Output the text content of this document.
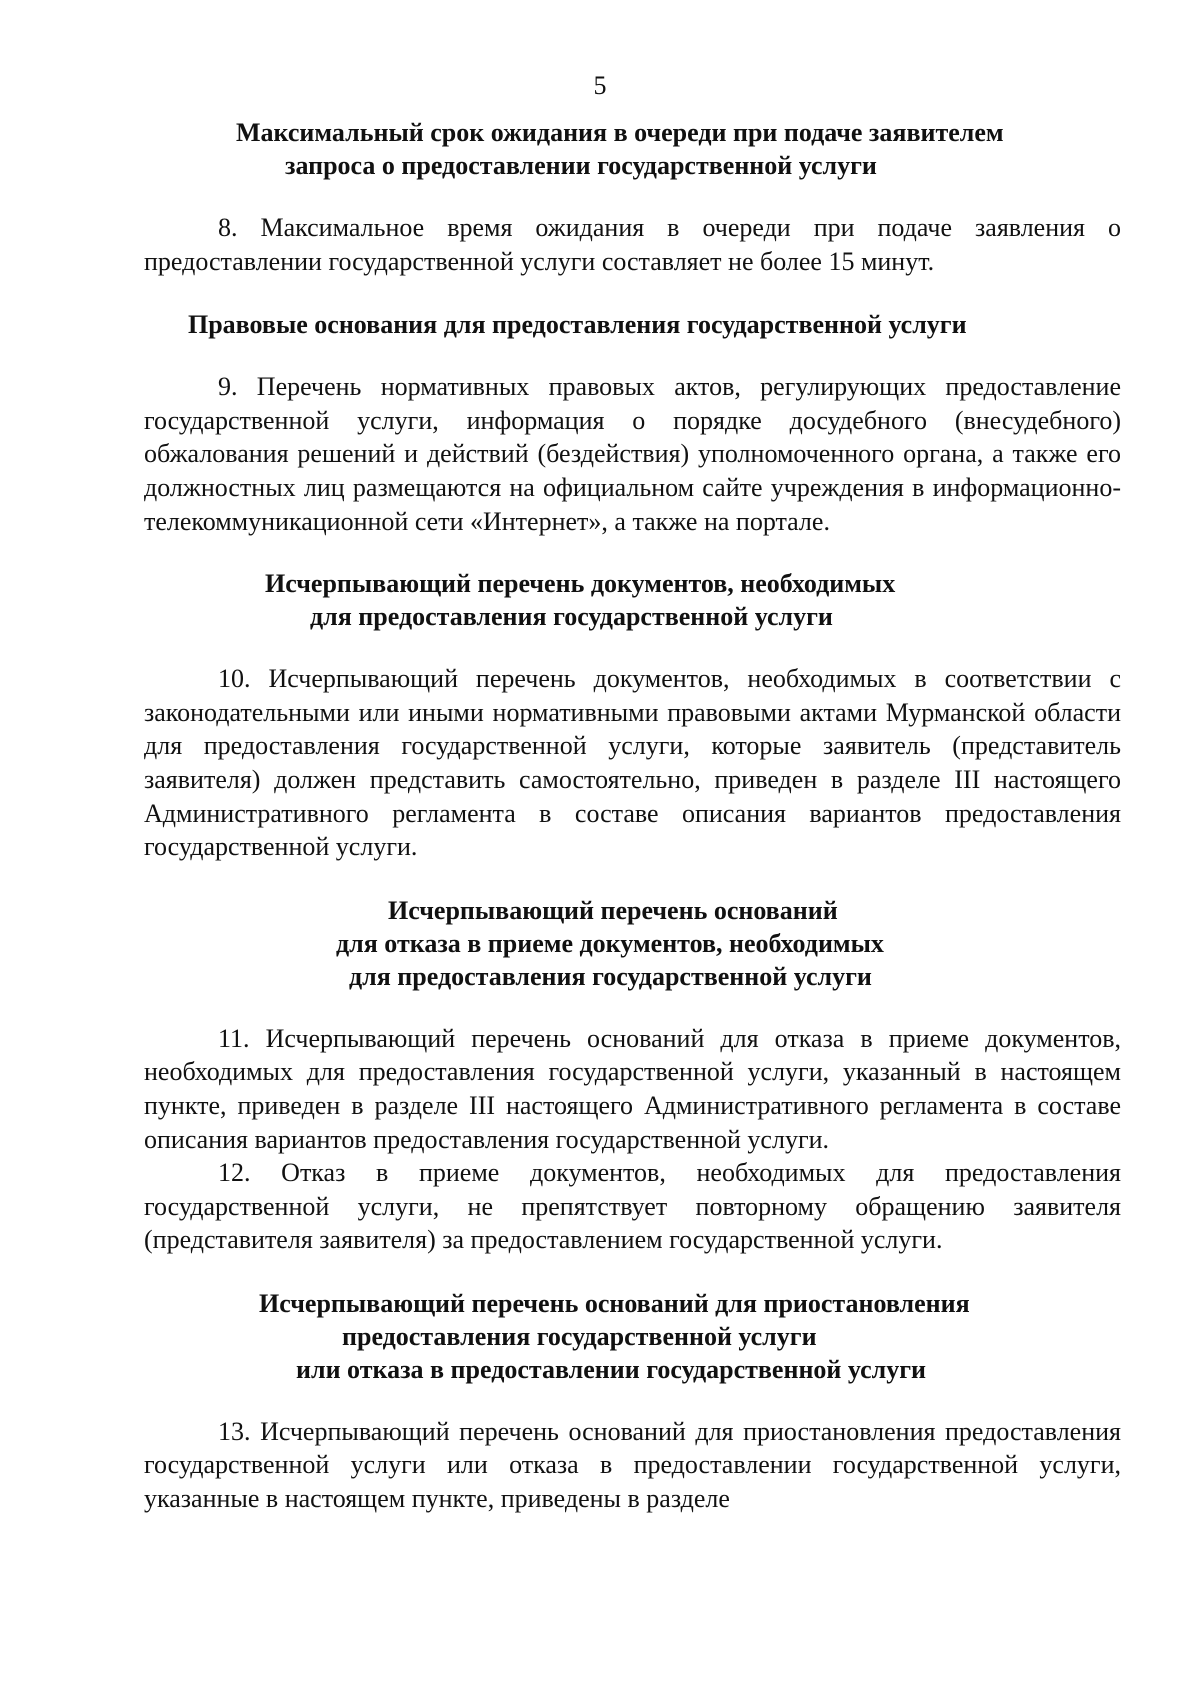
5
Максимальный срок ожидания в очереди при подаче заявителем
запроса о предоставлении государственной услуги

8. Максимальное время ожидания в очереди при подаче заявления о предоставлении государственной услуги составляет не более 15 минут.

Правовые основания для предоставления государственной услуги

9. Перечень нормативных правовых актов, регулирующих предоставление государственной услуги, информация о порядке досудебного (внесудебного) обжалования решений и действий (бездействия) уполномоченного органа, а также его должностных лиц размещаются на официальном сайте учреждения в информационно-телекоммуникационной сети «Интернет», а также на портале.

Исчерпывающий перечень документов, необходимых
для предоставления государственной услуги

10. Исчерпывающий перечень документов, необходимых в соответствии с законодательными или иными нормативными правовыми актами Мурманской области для предоставления государственной услуги, которые заявитель (представитель заявителя) должен представить самостоятельно, приведен в разделе III настоящего Административного регламента в составе описания вариантов предоставления государственной услуги.

Исчерпывающий перечень оснований
для отказа в приеме документов, необходимых
для предоставления государственной услуги

11. Исчерпывающий перечень оснований для отказа в приеме документов, необходимых для предоставления государственной услуги, указанный в настоящем пункте, приведен в разделе III настоящего Административного регламента в составе описания вариантов предоставления государственной услуги.

12. Отказ в приеме документов, необходимых для предоставления государственной услуги, не препятствует повторному обращению заявителя (представителя заявителя) за предоставлением государственной услуги.

Исчерпывающий перечень оснований для приостановления
предоставления государственной услуги
или отказа в предоставлении государственной услуги

13. Исчерпывающий перечень оснований для приостановления предоставления государственной услуги или отказа в предоставлении государственной услуги, указанные в настоящем пункте, приведены в разделе
